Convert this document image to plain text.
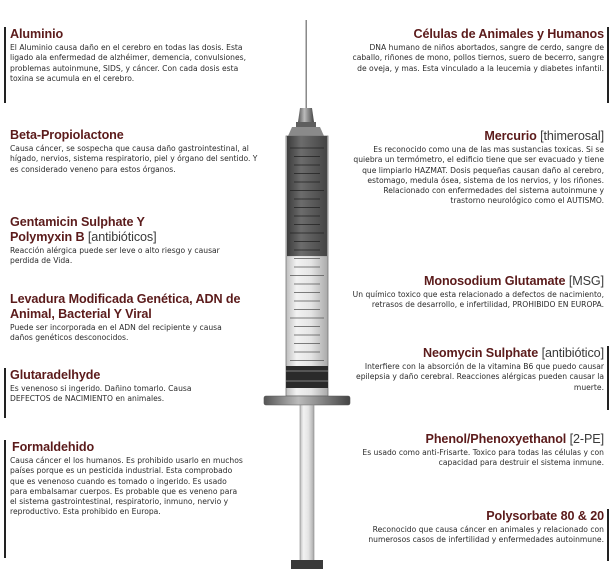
Aluminio
El Aluminio causa daño en el cerebro en todas las dosis. Esta ligado ala enfermedad de alzhéimer, demencia, convulsiones, problemas autoinmune, SIDS, y cáncer. Con cada dosis esta toxina se acumula en el cerebro.
Beta-Propiolactone
Causa cáncer, se sospecha que causa daño gastrointestinal, al hígado, nervios, sistema respiratorio, piel y órgano del sentido. Y es considerado veneno para estos órganos.
Gentamicin Sulphate Y Polymyxin B [antibióticos]
Reacción alérgica puede ser leve o alto riesgo y causar perdida de Vida.
Levadura Modificada Genética, ADN de Animal, Bacterial Y Viral
Puede ser incorporada en el ADN del recipiente y causa daños genéticos desconocidos.
Glutaradelhyde
Es venenoso si ingerido. Dañino tomarlo. Causa DEFECTOS de NACIMIENTO en animales.
Formaldehido
Causa cáncer el los humanos. Es prohibido usarlo en muchos países porque es un pesticida industrial. Esta comprobado que es venenoso cuando es tomado o ingerido. Es usado para embalsamar cuerpos. Es probable que es veneno para el sistema gastrointestinal, respiratorio, inmuno, nervio y reproductivo. Esta prohibido en Europa.
Células de Animales y Humanos
DNA humano de niños abortados, sangre de cerdo, sangre de caballo, riñones de mono, pollos tiernos, suero de becerro, sangre de oveja, y mas. Esta vinculado a la leucemia y diabetes infantil.
Mercurio [thimerosal]
Es reconocido como una de las mas sustancias toxicas. Si se quiebra un termómetro, el edificio tiene que ser evacuado y tiene que limpiarlo HAZMAT. Dosis pequeñas causan daño al cerebro, estomago, medula ósea, sistema de los nervios, y los riñones. Relacionado con enfermedades del sistema autoinmune y trastorno neurológico como el AUTISMO.
Monosodium Glutamate [MSG]
Un químico toxico que esta relacionado a defectos de nacimiento, retrasos de desarrollo, e infertilidad, PROHIBIDO EN EUROPA.
Neomycin Sulphate [antibiótico]
Interfiere con la absorción de la vitamina B6 que puedo causar epilepsia y daño cerebral. Reacciones alérgicas pueden causar la muerte.
Phenol/Phenoxyethanol [2-PE]
Es usado como anti-Frisarte. Toxico para todas las células y con capacidad para destruir el sistema inmune.
Polysorbate 80 & 20
Reconocido que causa cáncer en animales y relacionado con numerosos casos de infertilidad y enfermedades autoinmune.
